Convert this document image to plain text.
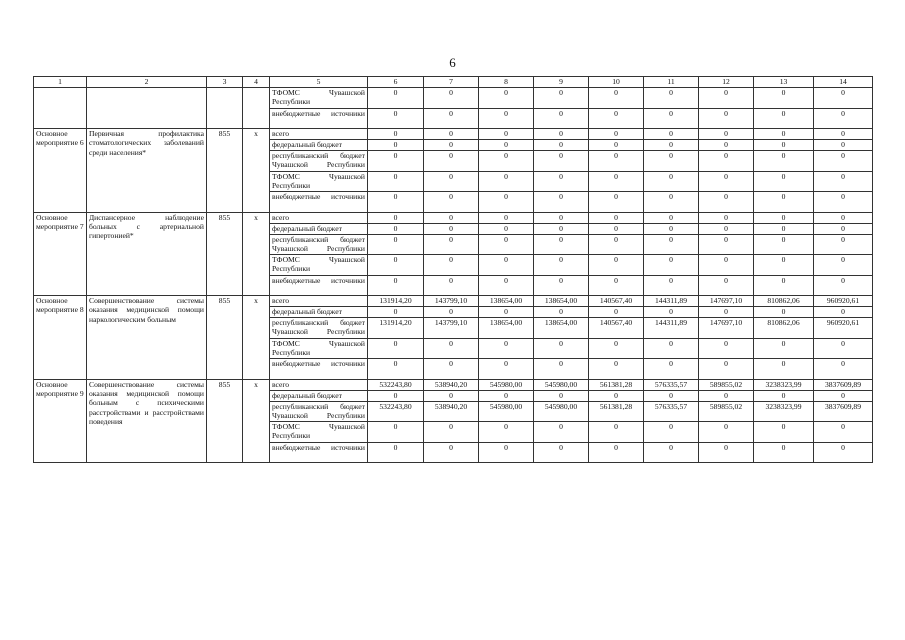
6
1	2	3	4	5	6	7	8	9	10	11	12	13	14
				ТФОМС Чувашской Республики	0	0	0	0	0	0	0	0	0
				внебюджетные источники	0	0	0	0	0	0	0	0	0

Основное мероприятие 6	Первичная профилактика стоматологических заболеваний среди населения*	855	x	всего	0	0	0	0	0	0	0	0	0
				федеральный бюджет	0	0	0	0	0	0	0	0	0
				республиканский бюджет Чувашской Республики	0	0	0	0	0	0	0	0	0
				ТФОМС Чувашской Республики	0	0	0	0	0	0	0	0	0
				внебюджетные источники	0	0	0	0	0	0	0	0	0

Основное мероприятие 7	Диспансерное наблюдение больных с артериальной гипертонией*	855	x	всего	0	0	0	0	0	0	0	0	0
				федеральный бюджет	0	0	0	0	0	0	0	0	0
				республиканский бюджет Чувашской Республики	0	0	0	0	0	0	0	0	0
				ТФОМС Чувашской Республики	0	0	0	0	0	0	0	0	0
				внебюджетные источники	0	0	0	0	0	0	0	0	0

Основное мероприятие 8	Совершенствование системы оказания медицинской помощи наркологическим больным	855	x	всего	131914,20	143799,10	138654,00	138654,00	140567,40	144311,89	147697,10	810862,06	960920,61
				федеральный бюджет	0	0	0	0	0	0	0	0	0
				республиканский бюджет Чувашской Республики	131914,20	143799,10	138654,00	138654,00	140567,40	144311,89	147697,10	810862,06	960920,61
				ТФОМС Чувашской Республики	0	0	0	0	0	0	0	0	0
				внебюджетные источники	0	0	0	0	0	0	0	0	0

Основное мероприятие 9	Совершенствование системы оказания медицинской помощи больным с психическими расстройствами и расстройствами поведения	855	x	всего	532243,80	538940,20	545980,00	545980,00	561381,28	576335,57	589855,02	3238323,99	3837609,89
				федеральный бюджет	0	0	0	0	0	0	0	0	0
				республиканский бюджет Чувашской Республики	532243,80	538940,20	545980,00	545980,00	561381,28	576335,57	589855,02	3238323,99	3837609,89
				ТФОМС Чувашской Республики	0	0	0	0	0	0	0	0	0
				внебюджетные источники	0	0	0	0	0	0	0	0	0
